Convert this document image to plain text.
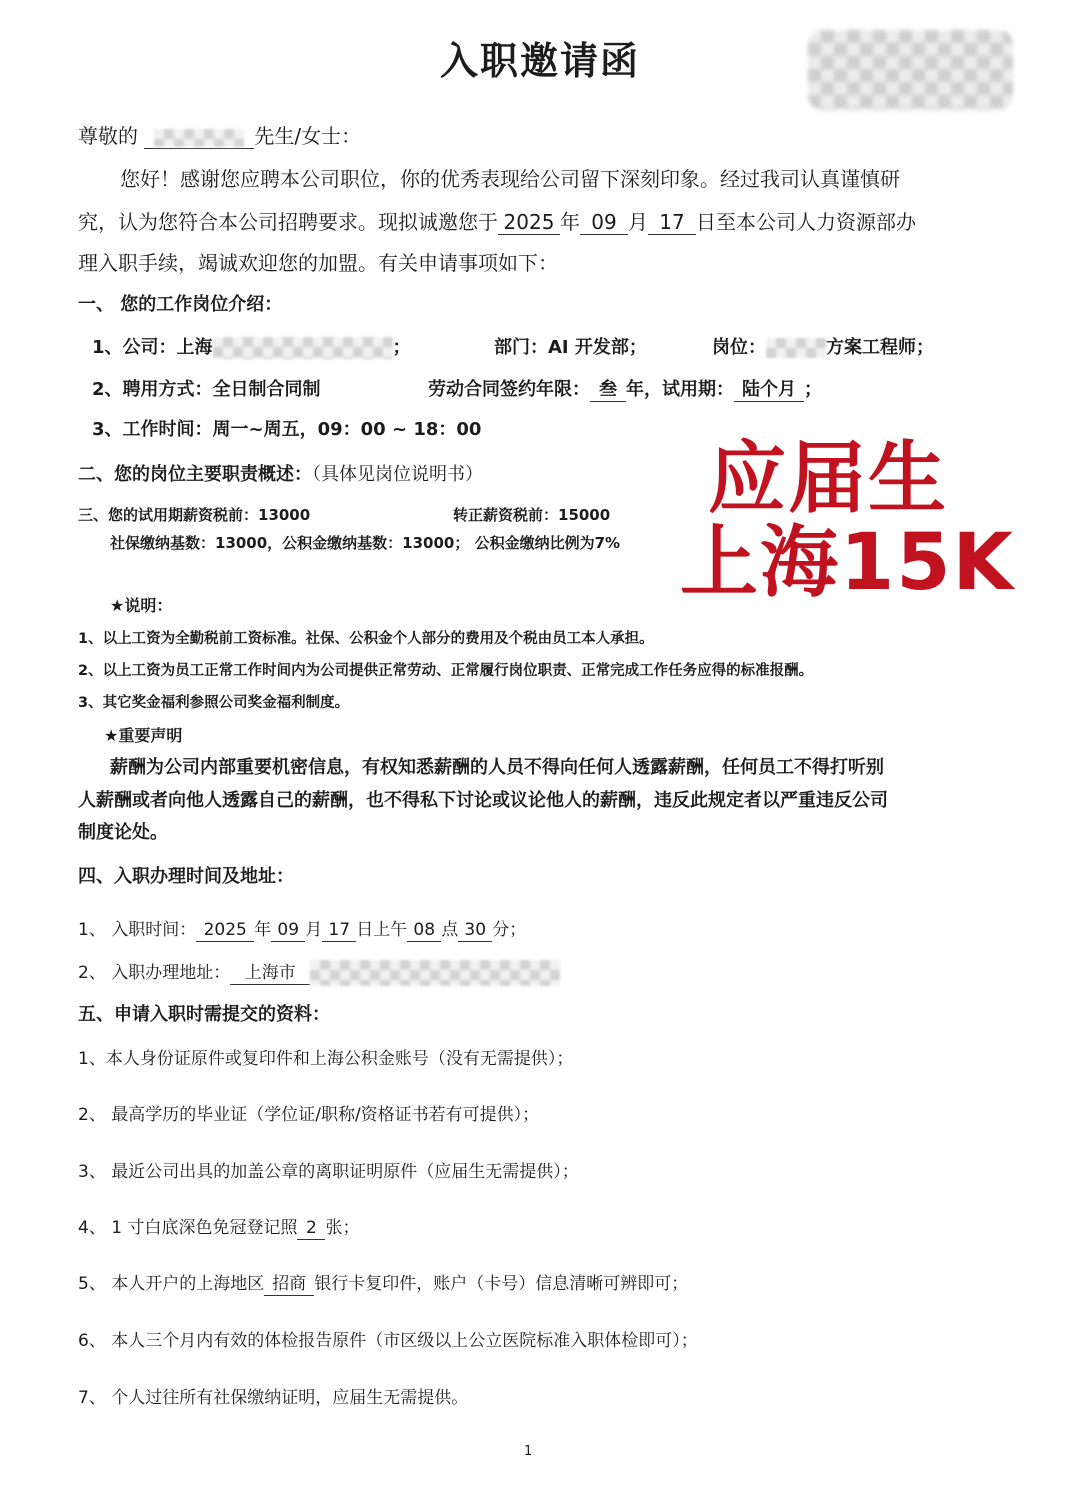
入职邀请函
尊敬的	先生/女士：
您好！感谢您应聘本公司职位，你的优秀表现给公司留下深刻印象。经过我司认真谨慎研
究，认为您符合本公司招聘要求。现拟诚邀您于 2025 年 09 月 17 日至本公司人力资源部办
理入职手续，竭诚欢迎您的加盟。有关申请事项如下：
一、 您的工作岗位介绍：
1、公司：上海	；	部门：AI 开发部；	岗位：	方案工程师；
2、聘用方式：全日制合同制	劳动合同签约年限： 叁 年，试用期： 陆个月 ；
3、工作时间：周一~周五，09：00 ~ 18：00
二、您的岗位主要职责概述：（具体见岗位说明书）
三、您的试用期薪资税前：13000	转正薪资税前：15000
社保缴纳基数：13000，公积金缴纳基数：13000； 公积金缴纳比例为7%
应届生
上海15K
★说明：
1、以上工资为全勤税前工资标准。社保、公积金个人部分的费用及个税由员工本人承担。
2、以上工资为员工正常工作时间内为公司提供正常劳动、正常履行岗位职责、正常完成工作任务应得的标准报酬。
3、其它奖金福利参照公司奖金福利制度。
★重要声明
薪酬为公司内部重要机密信息，有权知悉薪酬的人员不得向任何人透露薪酬，任何员工不得打听别
人薪酬或者向他人透露自己的薪酬，也不得私下讨论或议论他人的薪酬，违反此规定者以严重违反公司
制度论处。
四、入职办理时间及地址：
1、 入职时间： 2025 年 09 月 17 日上午 08 点 30 分；
2、 入职办理地址： 上海市
五、申请入职时需提交的资料：
1、本人身份证原件或复印件和上海公积金账号（没有无需提供）；
2、 最高学历的毕业证（学位证/职称/资格证书若有可提供）；
3、 最近公司出具的加盖公章的离职证明原件（应届生无需提供）；
4、 1 寸白底深色免冠登记照 2 张；
5、 本人开户的上海地区 招商 银行卡复印件，账户（卡号）信息清晰可辨即可；
6、 本人三个月内有效的体检报告原件（市区级以上公立医院标准入职体检即可）；
7、 个人过往所有社保缴纳证明，应届生无需提供。
1
